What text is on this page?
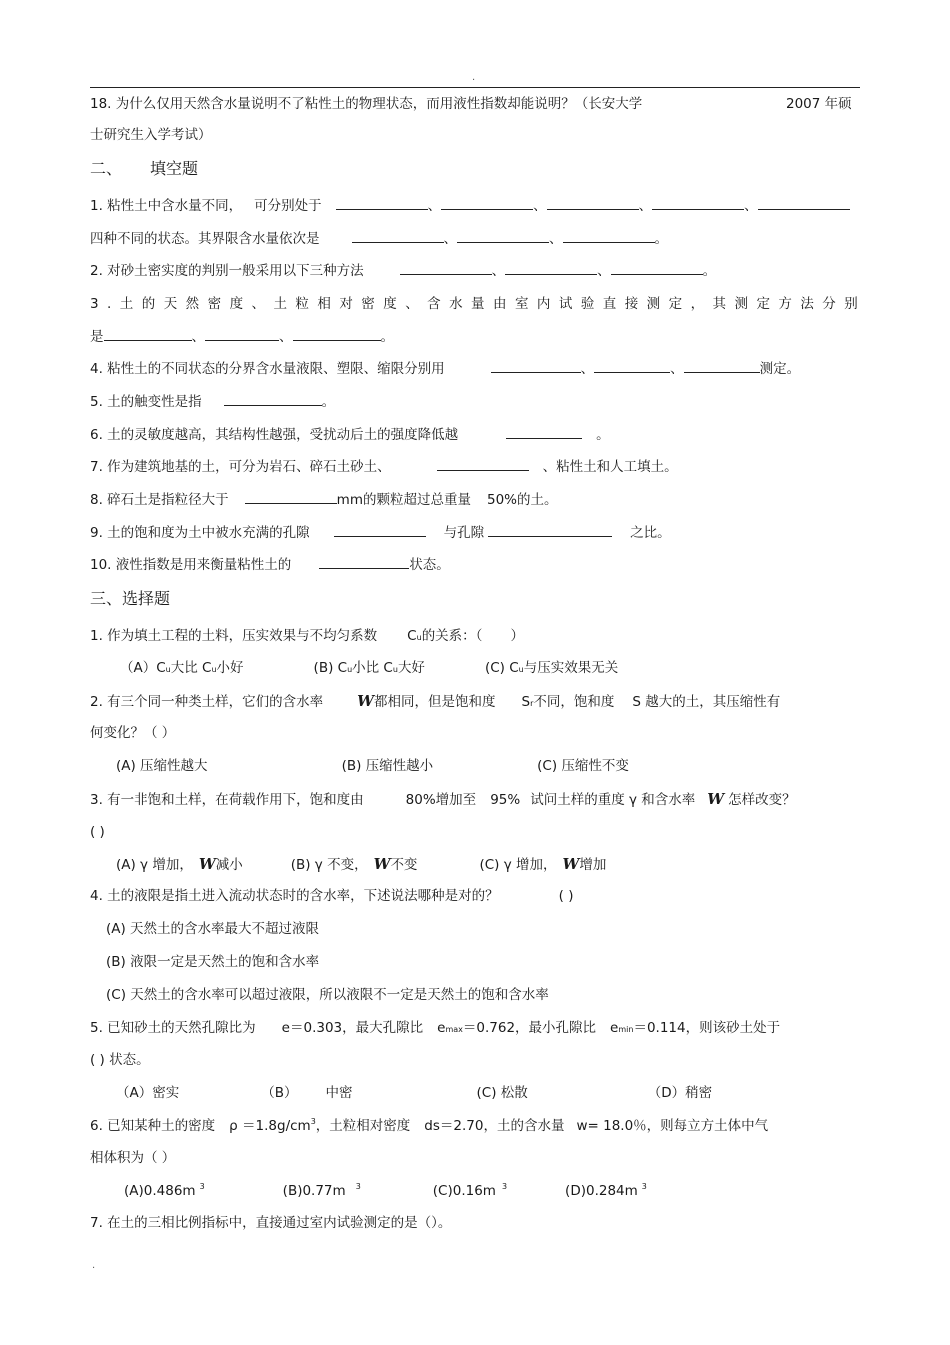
.
18. 为什么仅用天然含水量说明不了粘性土的物理状态，而用液性指数却能说明？（长安大学	2007 年硕
士研究生入学考试）
二、 填空题
1. 粘性土中含水量不同， 可分别处于	、	、	、	、
四种不同的状态。其界限含水量依次是	、	、	。
2. 对砂土密实度的判别一般采用以下三种方法	、	、	。
3 . 土 的 天 然 密 度 、 土 粒 相 对 密 度 、 含 水 量 由 室 内 试 验 直 接 测 定 ， 其 测 定 方 法 分 别
是	、	、	。
4. 粘性土的不同状态的分界含水量液限、塑限、缩限分别用	、	、	测定。
5. 土的触变性是指	。
6. 土的灵敏度越高，其结构性越强，受扰动后土的强度降低越	。
7. 作为建筑地基的土，可分为岩石、碎石土砂土、	、粘性土和人工填土。
8. 碎石土是指粒径大于	mm的颗粒超过总重量 50%的土。
9. 土的饱和度为土中被水充满的孔隙	与孔隙	之比。
10. 液性指数是用来衡量粘性土的	状态。
三、选择题
1. 作为填土工程的土料，压实效果与不均匀系数 Cu的关系：（ ）
（A）Cu大比 Cu小好	(B) Cu小比 Cu大好	(C) Cu与压实效果无关
2. 有三个同一种类土样，它们的含水率 W都相同，但是饱和度 Sr不同，饱和度 S 越大的土，其压缩性有
何变化？（ ）
(A) 压缩性越大	(B) 压缩性越小	(C) 压缩性不变
3. 有一非饱和土样，在荷载作用下，饱和度由	80%增加至 95% 试问土样的重度 γ 和含水率 W 怎样改变？
( )
(A) γ 增加， W减小	(B) γ 不变， W不变	(C) γ 增加， W增加
4. 土的液限是指土进入流动状态时的含水率，下述说法哪种是对的？	( )
(A) 天然土的含水率最大不超过液限
(B) 液限一定是天然土的饱和含水率
(C) 天然土的含水率可以超过液限，所以液限不一定是天然土的饱和含水率
5. 已知砂土的天然孔隙比为 e＝0.303，最大孔隙比 emax＝0.762，最小孔隙比 emin＝0.114，则该砂土处于
( ) 状态。
（A）密实	（B） 中密	(C) 松散	（D）稍密
6. 已知某种土的密度 $\rho =1.8g/cm^3$，土粒相对密度 ds＝2.70，土的含水量 w= 18.0％，则每立方土体中气
相体积为（ ）
(A)0.486m $^3$	(B)0.77m $^3$	(C)0.16m $^3$	(D)0.284m $^3$
7. 在土的三相比例指标中，直接通过室内试验测定的是（）。
.
